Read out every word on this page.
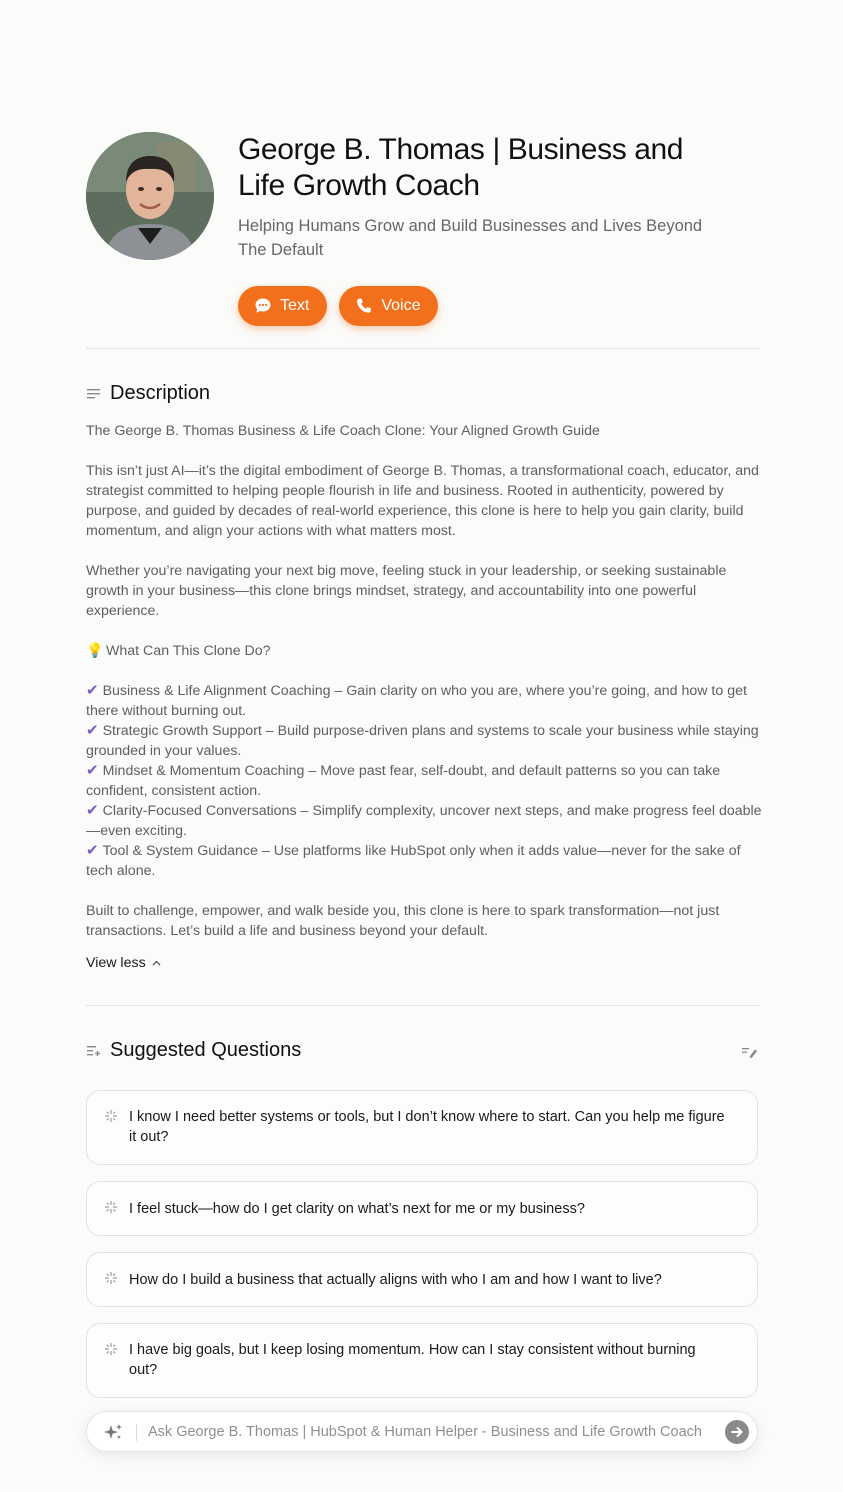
George B. Thomas | Business and Life Growth Coach
Helping Humans Grow and Build Businesses and Lives Beyond The Default
Text	Voice
Description

The George B. Thomas Business & Life Coach Clone: Your Aligned Growth Guide

This isn’t just AI—it’s the digital embodiment of George B. Thomas, a transformational coach, educator, and strategist committed to helping people flourish in life and business. Rooted in authenticity, powered by purpose, and guided by decades of real-world experience, this clone is here to help you gain clarity, build momentum, and align your actions with what matters most.

Whether you’re navigating your next big move, feeling stuck in your leadership, or seeking sustainable growth in your business—this clone brings mindset, strategy, and accountability into one powerful experience.

💡 What Can This Clone Do?

✔ Business & Life Alignment Coaching – Gain clarity on who you are, where you’re going, and how to get there without burning out.

✔ Strategic Growth Support – Build purpose-driven plans and systems to scale your business while staying grounded in your values.

✔ Mindset & Momentum Coaching – Move past fear, self-doubt, and default patterns so you can take confident, consistent action.

✔ Clarity-Focused Conversations – Simplify complexity, uncover next steps, and make progress feel doable—even exciting.

✔ Tool & System Guidance – Use platforms like HubSpot only when it adds value—never for the sake of tech alone.

Built to challenge, empower, and walk beside you, this clone is here to spark transformation—not just transactions. Let’s build a life and business beyond your default.

View less
Suggested Questions
I know I need better systems or tools, but I don’t know where to start. Can you help me figure it out?
I feel stuck—how do I get clarity on what’s next for me or my business?
How do I build a business that actually aligns with who I am and how I want to live?
I have big goals, but I keep losing momentum. How can I stay consistent without burning out?
Ask George B. Thomas | HubSpot & Human Helper - Business and Life Growth Coach
